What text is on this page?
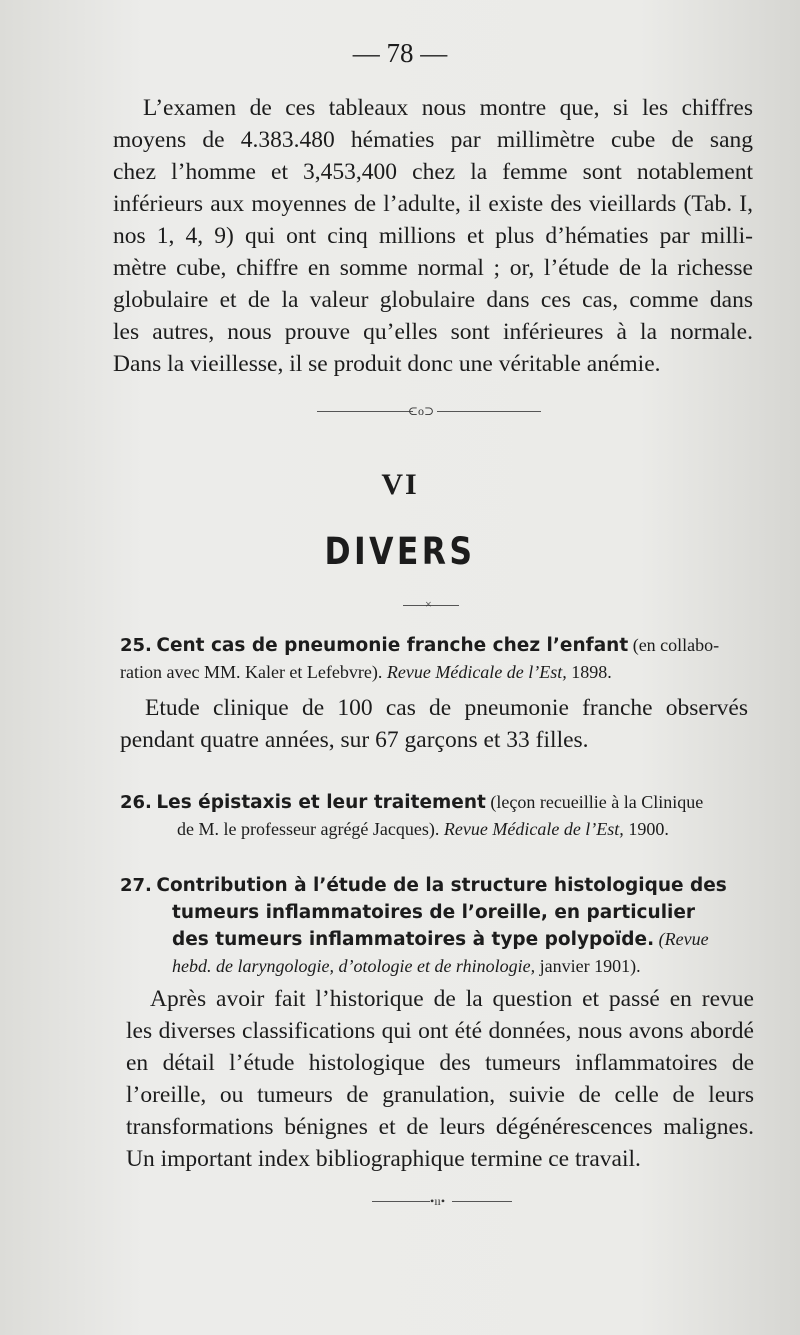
— 78 —
L’examen de ces tableaux nous montre que, si les chiffres
moyens de 4.383.480 hématies par millimètre cube de sang
chez l’homme et 3,453,400 chez la femme sont notablement
inférieurs aux moyennes de l’adulte, il existe des vieillards (Tab. I,
nos 1, 4, 9) qui ont cinq millions et plus d’hématies par milli-
mètre cube, chiffre en somme normal ; or, l’étude de la richesse
globulaire et de la valeur globulaire dans ces cas, comme dans
les autres, nous prouve qu’elles sont inférieures à la normale.
Dans la vieillesse, il se produit donc une véritable anémie.
⊂o⊃
VI
DIVERS
×
25. Cent cas de pneumonie franche chez l’enfant (en collabo-
ration avec MM. Kaler et Lefebvre). Revue Médicale de l’Est, 1898.
Etude clinique de 100 cas de pneumonie franche observés
pendant quatre années, sur 67 garçons et 33 filles.
26. Les épistaxis et leur traitement (leçon recueillie à la Clinique
de M. le professeur agrégé Jacques). Revue Médicale de l’Est, 1900.
27. Contribution à l’étude de la structure histologique des
tumeurs inflammatoires de l’oreille, en particulier
des tumeurs inflammatoires à type polypoïde. (Revue
hebd. de laryngologie, d’otologie et de rhinologie, janvier 1901).
Après avoir fait l’historique de la question et passé en revue
les diverses classifications qui ont été données, nous avons abordé
en détail l’étude histologique des tumeurs inflammatoires de
l’oreille, ou tumeurs de granulation, suivie de celle de leurs
transformations bénignes et de leurs dégénérescences malignes.
Un important index bibliographique termine ce travail.
•ıı•
